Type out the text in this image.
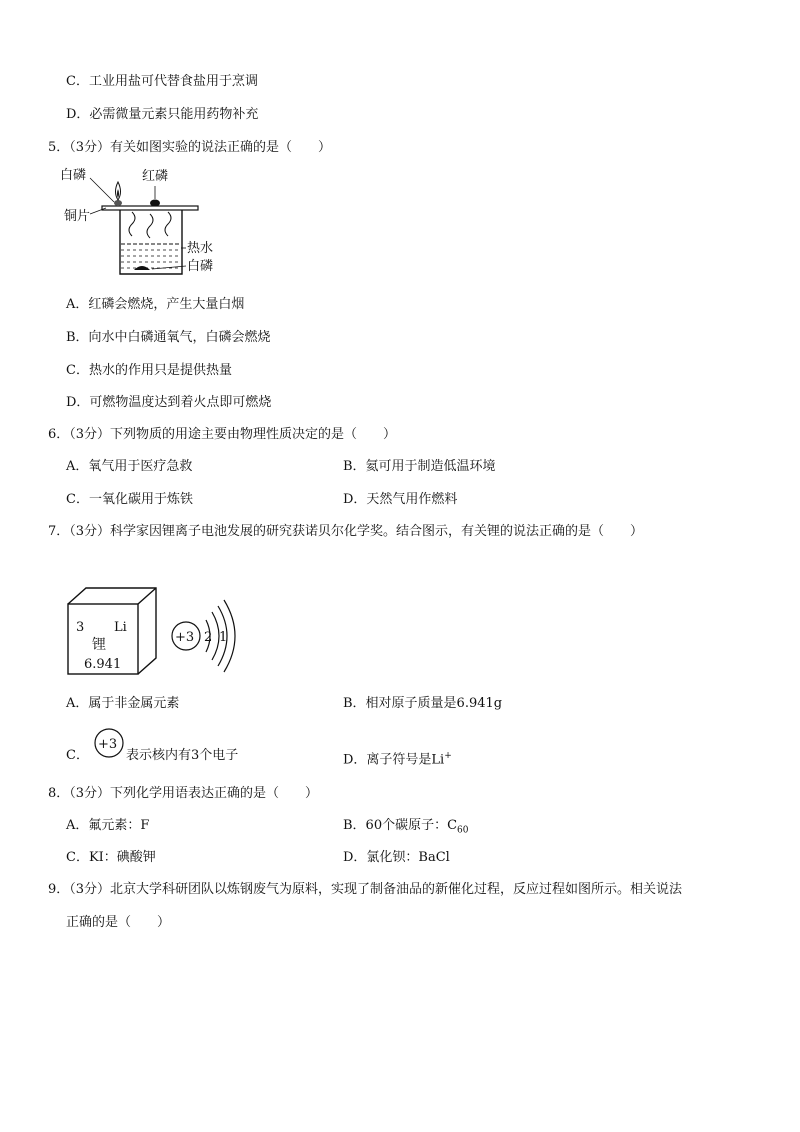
C．工业用盐可代替食盐用于烹调
D．必需微量元素只能用药物补充
5．（3分）有关如图实验的说法正确的是（　　）
红磷
白磷
铜片
热水
白磷
A．红磷会燃烧，产生大量白烟
B．向水中白磷通氧气，白磷会燃烧
C．热水的作用只是提供热量
D．可燃物温度达到着火点即可燃烧
6．（3分）下列物质的用途主要由物理性质决定的是（　　）
A．氧气用于医疗急救	B．氦可用于制造低温环境
C．一氧化碳用于炼铁	D．天然气用作燃料
7．（3分）科学家因锂离子电池发展的研究获诺贝尔化学奖。结合图示，有关锂的说法正确的是（　　）
3 Li
锂
6.941
+3 2 1
A．属于非金属元素	B．相对原子质量是6.941g
C．
+3
表示核内有3个电子	D．离子符号是Li+
8．（3分）下列化学用语表达正确的是（　　）
A．氟元素：F	B．60个碳原子：$C_{60}$
C．KI：碘酸钾	D．氯化钡：BaCl
9．（3分）北京大学科研团队以炼钢废气为原料，实现了制备油品的新催化过程，反应过程如图所示。相关说法
正确的是（　　）
